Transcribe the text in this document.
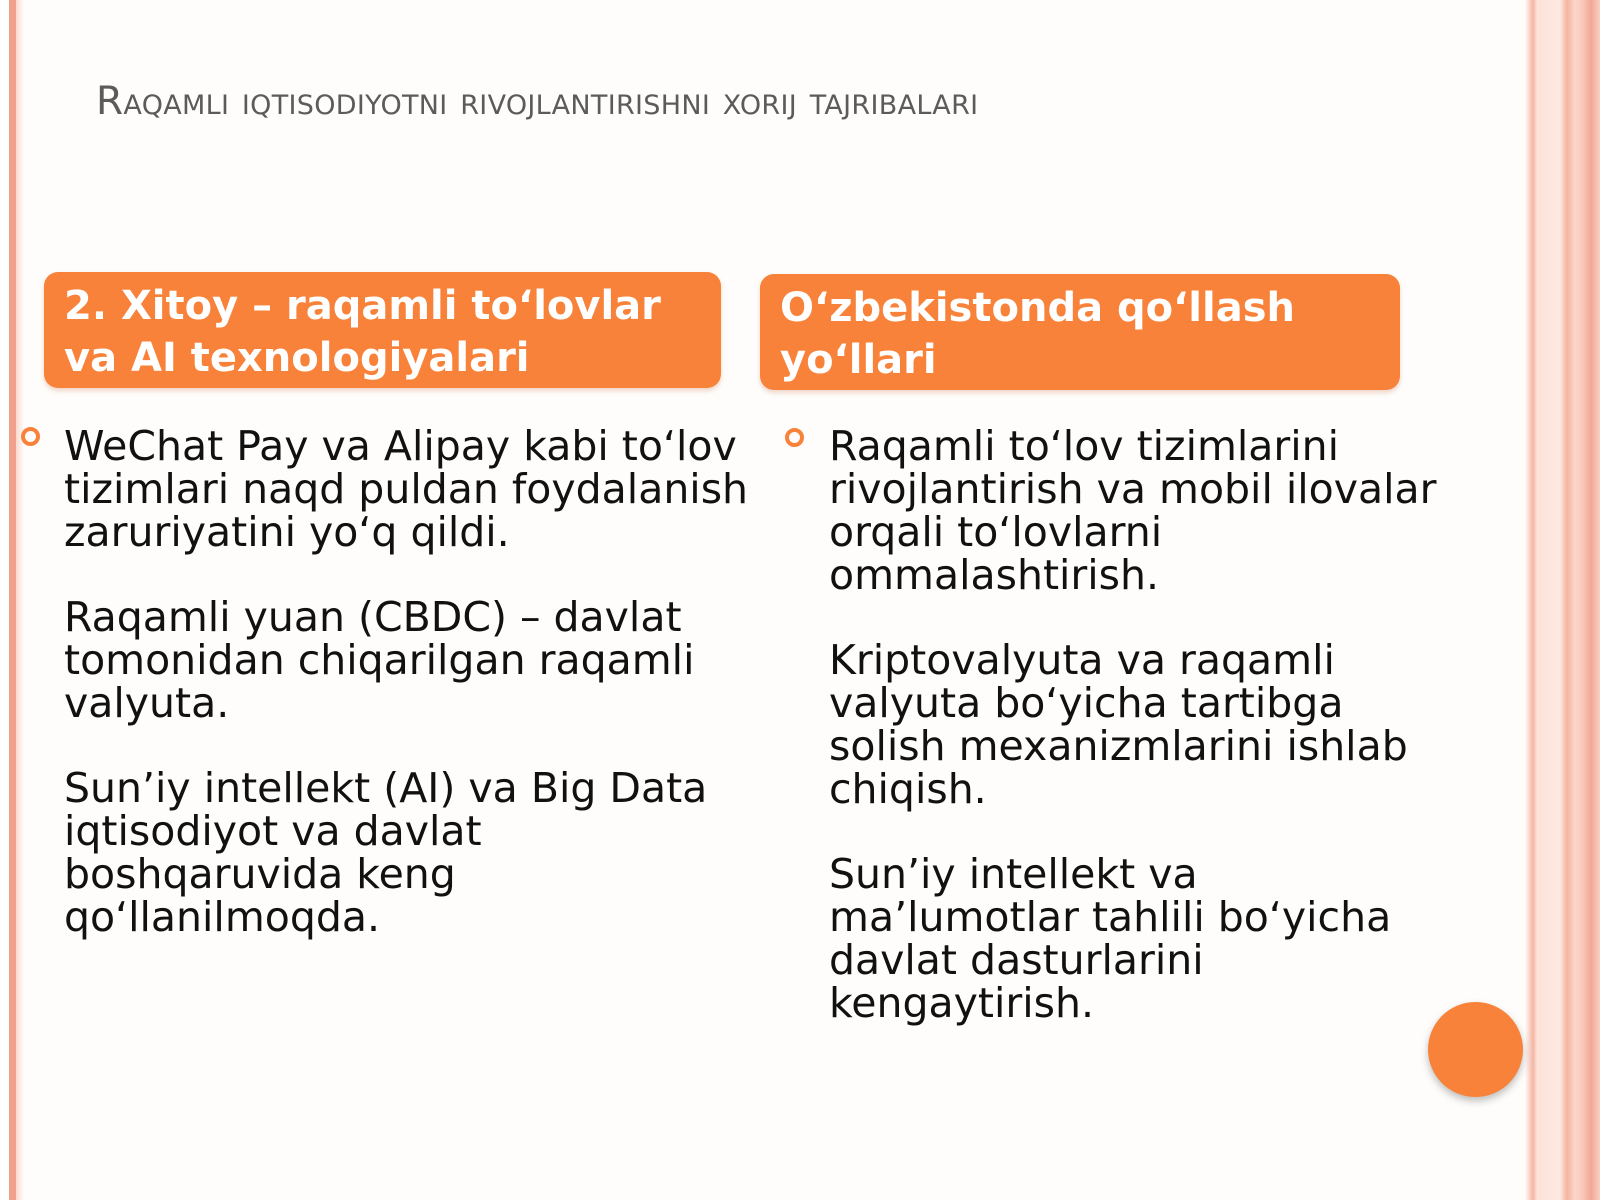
Raqamli iqtisodiyotni rivojlantirishni xorij tajribalari
2. Xitoy – raqamli to‘lovlar va AI texnologiyalari
O‘zbekistonda qo‘llash yo‘llari

WeChat Pay va Alipay kabi to‘lov tizimlari naqd puldan foydalanish zaruriyatini yo‘q qildi.

Raqamli yuan (CBDC) – davlat tomonidan chiqarilgan raqamli valyuta.

Sun’iy intellekt (AI) va Big Data iqtisodiyot va davlat boshqaruvida keng qo‘llanilmoqda.

Raqamli to‘lov tizimlarini rivojlantirish va mobil ilovalar orqali to‘lovlarni ommalashtirish.

Kriptovalyuta va raqamli valyuta bo‘yicha tartibga solish mexanizmlarini ishlab chiqish.

Sun’iy intellekt va ma’lumotlar tahlili bo‘yicha davlat dasturlarini kengaytirish.
